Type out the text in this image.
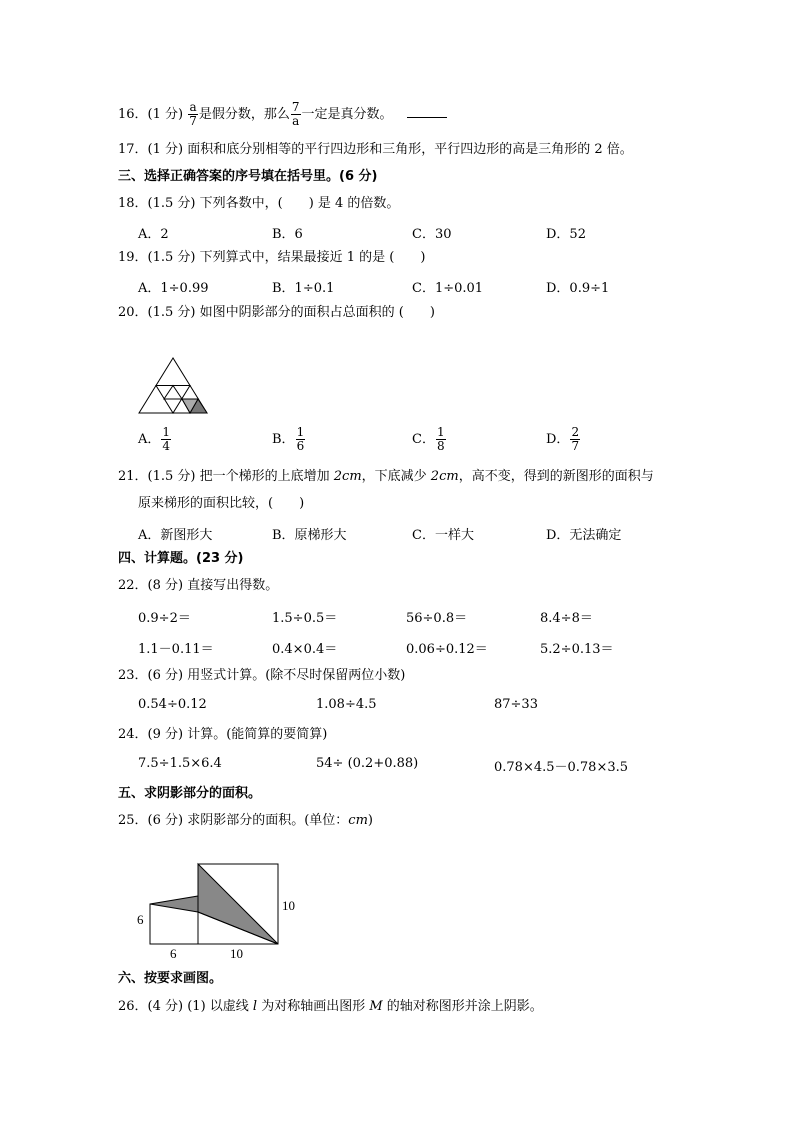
16．(1 分) $\frac{a}{7}$ 是假分数，那么 $\frac{7}{a}$ 一定是真分数。
17．(1 分) 面积和底分别相等的平行四边形和三角形，平行四边形的高是三角形的 2 倍。
三、选择正确答案的序号填在括号里。(6 分)
18．(1.5 分) 下列各数中，(　　) 是 4 的倍数。
A．2	B．6	C．30	D．52
19．(1.5 分) 下列算式中，结果最接近 1 的是 (　　)
A．1÷0.99	B．1÷0.1	C．1÷0.01	D．0.9÷1
20．(1.5 分) 如图中阴影部分的面积占总面积的 (　　)
A． $\frac{1}{4}$	B． $\frac{1}{6}$	C． $\frac{1}{8}$	D． $\frac{2}{7}$
21．(1.5 分) 把一个梯形的上底增加 2cm，下底减少 2cm，高不变，得到的新图形的面积与
原来梯形的面积比较，(　　)
A．新图形大	B．原梯形大	C．一样大	D．无法确定
四、计算题。(23 分)
22．(8 分) 直接写出得数。
0.9÷2＝	1.5÷0.5＝	56÷0.8＝	8.4÷8＝
1.1－0.11＝	0.4×0.4＝	0.06÷0.12＝	5.2÷0.13＝
23．(6 分) 用竖式计算。(除不尽时保留两位小数)
0.54÷0.12	1.08÷4.5	87÷33
24．(9 分) 计算。(能简算的要简算)
7.5÷1.5×6.4	54÷ (0.2+0.88)	0.78×4.5－0.78×3.5
五、求阴影部分的面积。
25．(6 分) 求阴影部分的面积。(单位：cm)
6
6	10
10
六、按要求画图。
26．(4 分) (1) 以虚线 l 为对称轴画出图形 M 的轴对称图形并涂上阴影。
